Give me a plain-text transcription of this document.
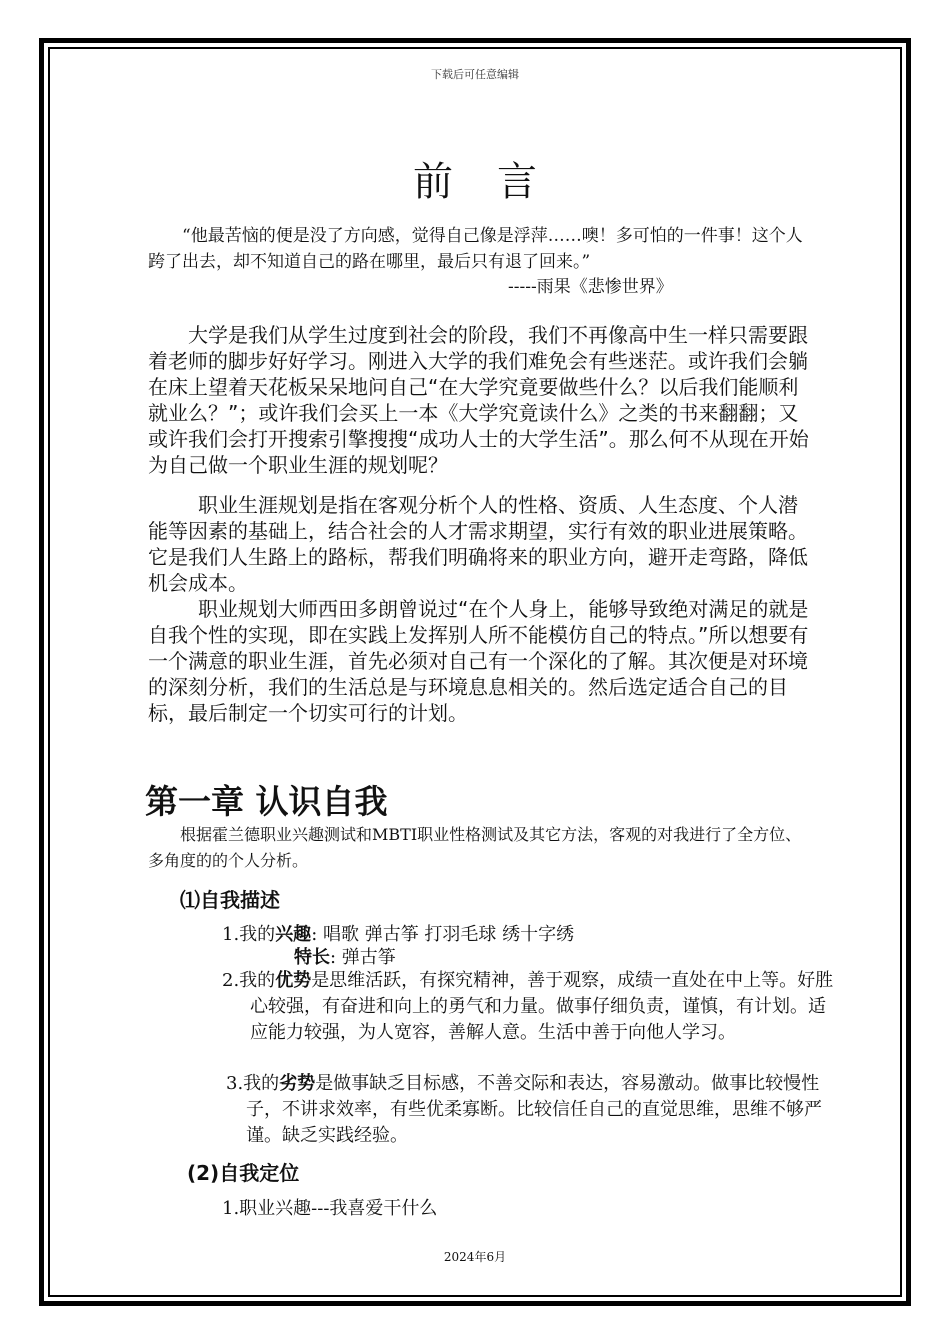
下载后可任意编辑
前言
“他最苦恼的便是没了方向感，觉得自己像是浮萍……噢！多可怕的一件事！这个人跨了出去，却不知道自己的路在哪里，最后只有退了回来。”
-----雨果《悲惨世界》
大学是我们从学生过度到社会的阶段，我们不再像高中生一样只需要跟着老师的脚步好好学习。刚进入大学的我们难免会有些迷茫。或许我们会躺在床上望着天花板呆呆地问自己“在大学究竟要做些什么？以后我们能顺利就业么？”；或许我们会买上一本《大学究竟读什么》之类的书来翻翻；又或许我们会打开搜索引擎搜搜“成功人士的大学生活”。那么何不从现在开始为自己做一个职业生涯的规划呢？
职业生涯规划是指在客观分析个人的性格、资质、人生态度、个人潜能等因素的基础上，结合社会的人才需求期望，实行有效的职业进展策略。它是我们人生路上的路标，帮我们明确将来的职业方向，避开走弯路，降低机会成本。
职业规划大师西田多朗曾说过“在个人身上，能够导致绝对满足的就是自我个性的实现，即在实践上发挥别人所不能模仿自己的特点。”所以想要有一个满意的职业生涯，首先必须对自己有一个深化的了解。其次便是对环境的深刻分析，我们的生活总是与环境息息相关的。然后选定适合自己的目标，最后制定一个切实可行的计划。
第一章 认识自我
根据霍兰德职业兴趣测试和MBTI职业性格测试及其它方法，客观的对我进行了全方位、多角度的的个人分析。
⑴自我描述
1.我的兴趣: 唱歌 弹古筝 打羽毛球 绣十字绣
特长: 弹古筝
2.我的优势是思维活跃，有探究精神，善于观察，成绩一直处在中上等。好胜心较强，有奋进和向上的勇气和力量。做事仔细负责，谨慎，有计划。适应能力较强，为人宽容，善解人意。生活中善于向他人学习。
3.我的劣势是做事缺乏目标感，不善交际和表达，容易激动。做事比较慢性子，不讲求效率，有些优柔寡断。比较信任自己的直觉思维，思维不够严谨。缺乏实践经验。
(2)自我定位
1.职业兴趣---我喜爱干什么
2024年6月
